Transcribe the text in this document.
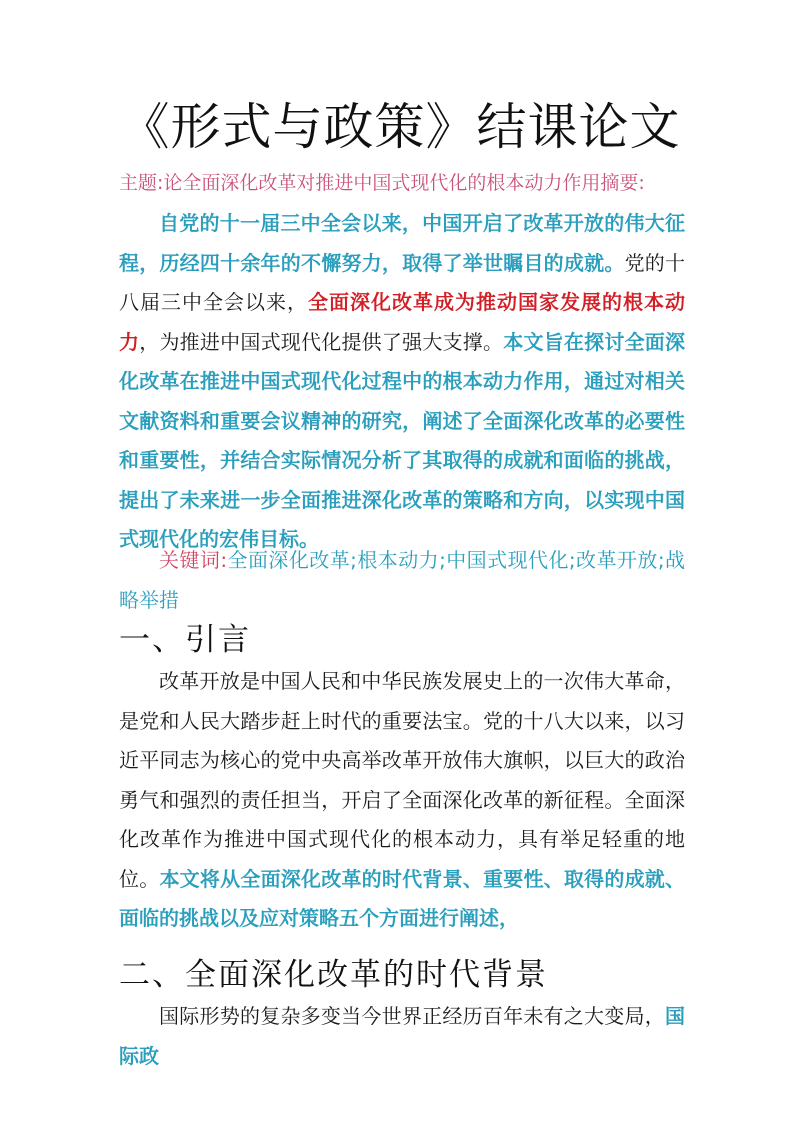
《形式与政策》结课论文
主题:论全面深化改革对推进中国式现代化的根本动力作用摘要:

自党的十一届三中全会以来，中国开启了改革开放的伟大征程，历经四十余年的不懈努力，取得了举世瞩目的成就。党的十八届三中全会以来，全面深化改革成为推动国家发展的根本动力，为推进中国式现代化提供了强大支撑。本文旨在探讨全面深化改革在推进中国式现代化过程中的根本动力作用，通过对相关文献资料和重要会议精神的研究，阐述了全面深化改革的必要性和重要性，并结合实际情况分析了其取得的成就和面临的挑战，提出了未来进一步全面推进深化改革的策略和方向，以实现中国式现代化的宏伟目标。

关键词:全面深化改革;根本动力;中国式现代化;改革开放;战略举措

一、引言

改革开放是中国人民和中华民族发展史上的一次伟大革命，是党和人民大踏步赶上时代的重要法宝。党的十八大以来，以习近平同志为核心的党中央高举改革开放伟大旗帜，以巨大的政治勇气和强烈的责任担当，开启了全面深化改革的新征程。全面深化改革作为推进中国式现代化的根本动力，具有举足轻重的地位。本文将从全面深化改革的时代背景、重要性、取得的成就、面临的挑战以及应对策略五个方面进行阐述，

二、全面深化改革的时代背景

国际形势的复杂多变当今世界正经历百年未有之大变局，国际政
